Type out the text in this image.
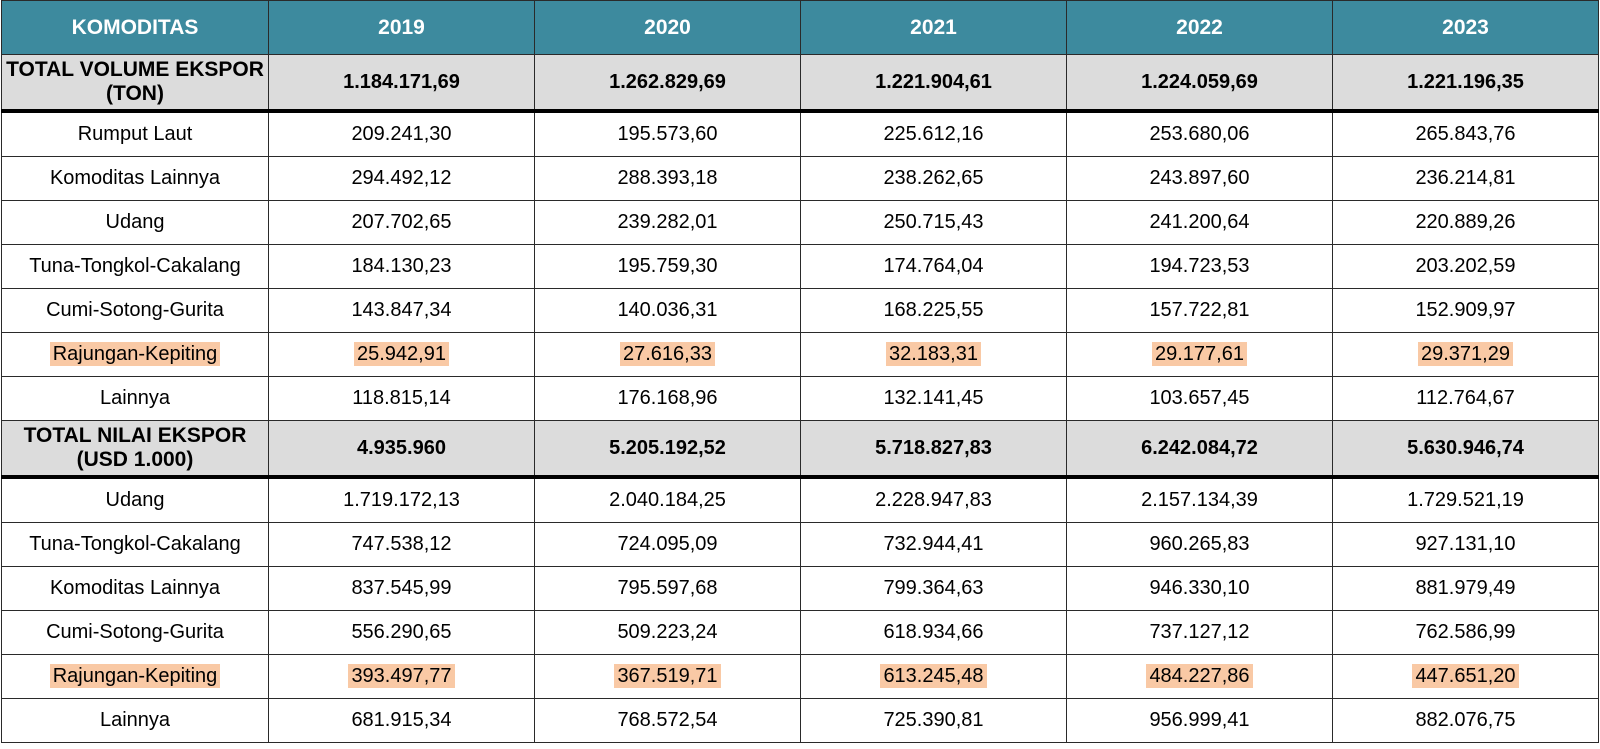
KOMODITAS	2019	2020	2021	2022	2023
TOTAL VOLUME EKSPOR (TON)	1.184.171,69	1.262.829,69	1.221.904,61	1.224.059,69	1.221.196,35
Rumput Laut	209.241,30	195.573,60	225.612,16	253.680,06	265.843,76
Komoditas Lainnya	294.492,12	288.393,18	238.262,65	243.897,60	236.214,81
Udang	207.702,65	239.282,01	250.715,43	241.200,64	220.889,26
Tuna-Tongkol-Cakalang	184.130,23	195.759,30	174.764,04	194.723,53	203.202,59
Cumi-Sotong-Gurita	143.847,34	140.036,31	168.225,55	157.722,81	152.909,97
Rajungan-Kepiting	25.942,91	27.616,33	32.183,31	29.177,61	29.371,29
Lainnya	118.815,14	176.168,96	132.141,45	103.657,45	112.764,67
TOTAL NILAI EKSPOR (USD 1.000)	4.935.960	5.205.192,52	5.718.827,83	6.242.084,72	5.630.946,74
Udang	1.719.172,13	2.040.184,25	2.228.947,83	2.157.134,39	1.729.521,19
Tuna-Tongkol-Cakalang	747.538,12	724.095,09	732.944,41	960.265,83	927.131,10
Komoditas Lainnya	837.545,99	795.597,68	799.364,63	946.330,10	881.979,49
Cumi-Sotong-Gurita	556.290,65	509.223,24	618.934,66	737.127,12	762.586,99
Rajungan-Kepiting	393.497,77	367.519,71	613.245,48	484.227,86	447.651,20
Lainnya	681.915,34	768.572,54	725.390,81	956.999,41	882.076,75
